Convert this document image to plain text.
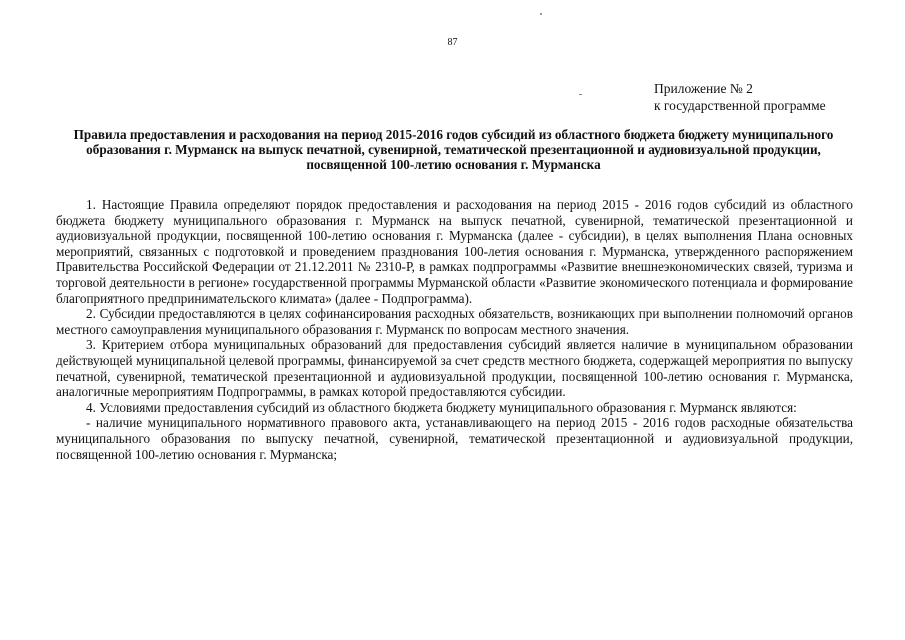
87
Приложение № 2
к государственной программе
Правила предоставления и расходования на период 2015-2016 годов субсидий из областного бюджета бюджету муниципального образования г. Мурманск на выпуск печатной, сувенирной, тематической презентационной и аудиовизуальной продукции, посвященной 100-летию основания г. Мурманска

1. Настоящие Правила определяют порядок предоставления и расходования на период 2015 - 2016 годов субсидий из областного бюджета бюджету муниципального образования г. Мурманск на выпуск печатной, сувенирной, тематической презентационной и аудиовизуальной продукции, посвященной 100-летию основания г. Мурманска (далее - субсидии), в целях выполнения Плана основных мероприятий, связанных с подготовкой и проведением празднования 100-летия основания г. Мурманска, утвержденного распоряжением Правительства Российской Федерации от 21.12.2011 № 2310-Р, в рамках подпрограммы «Развитие внешнеэкономических связей, туризма и торговой деятельности в регионе» государственной программы Мурманской области «Развитие экономического потенциала и формирование благоприятного предпринимательского климата» (далее - Подпрограмма).

2. Субсидии предоставляются в целях софинансирования расходных обязательств, возникающих при выполнении полномочий органов местного самоуправления муниципального образования г. Мурманск по вопросам местного значения.

3. Критерием отбора муниципальных образований для предоставления субсидий является наличие в муниципальном образовании действующей муниципальной целевой программы, финансируемой за счет средств местного бюджета, содержащей мероприятия по выпуску печатной, сувенирной, тематической презентационной и аудиовизуальной продукции, посвященной 100-летию основания г. Мурманска, аналогичные мероприятиям Подпрограммы, в рамках которой предоставляются субсидии.

4. Условиями предоставления субсидий из областного бюджета бюджету муниципального образования г. Мурманск являются:

- наличие муниципального нормативного правового акта, устанавливающего на период 2015 - 2016 годов расходные обязательства муниципального образования по выпуску печатной, сувенирной, тематической презентационной и аудиовизуальной продукции, посвященной 100-летию основания г. Мурманска;
